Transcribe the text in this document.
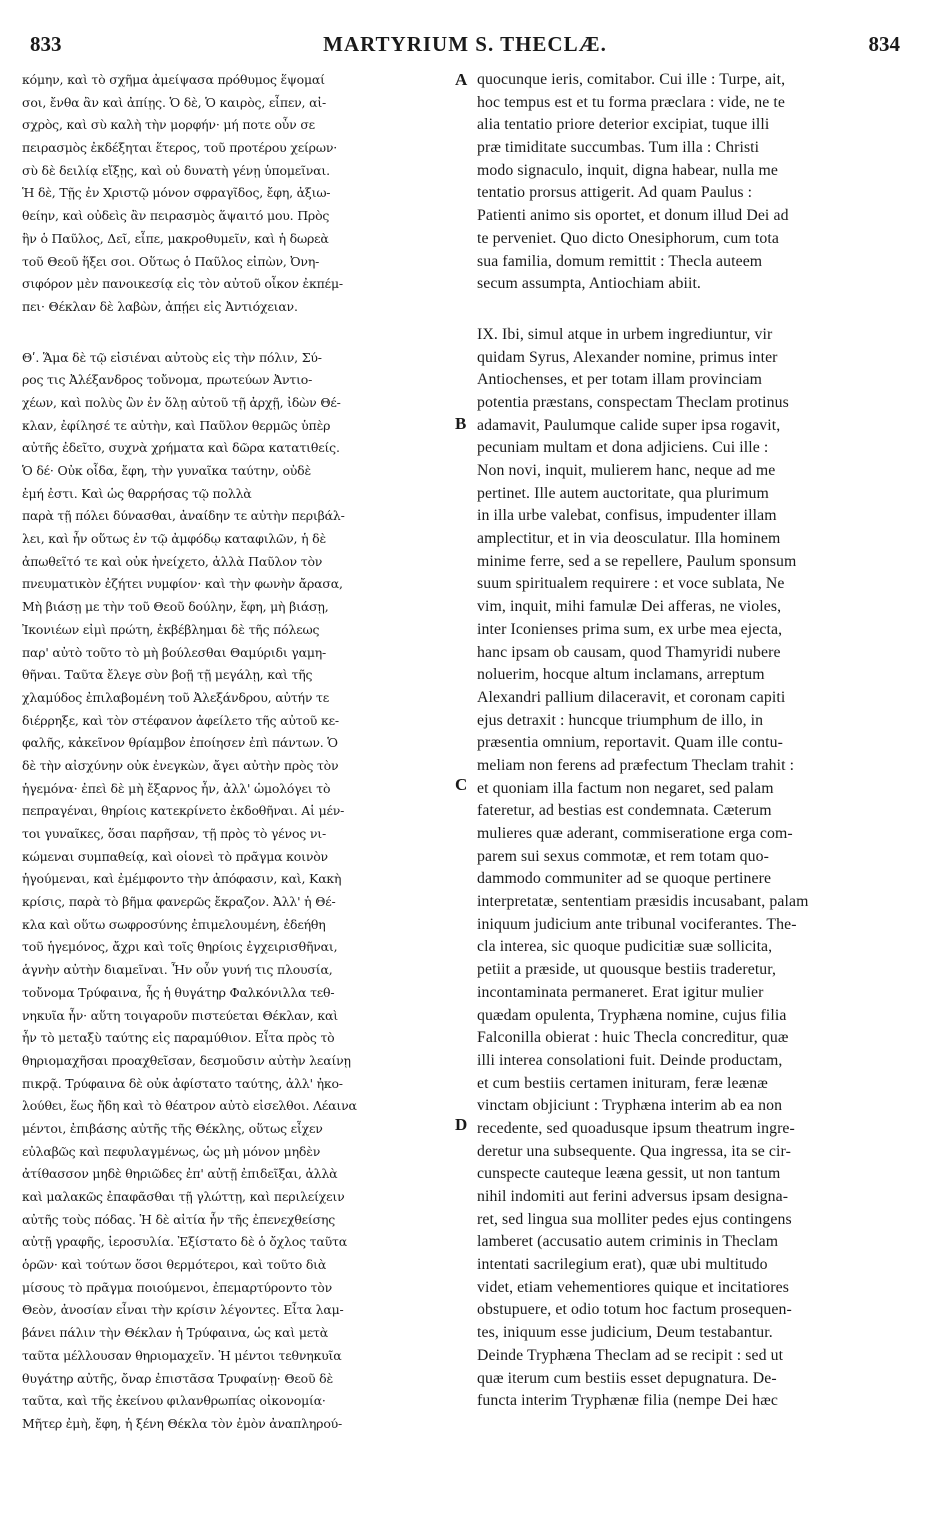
833	MARTYRIUM S. THECLÆ.	834
κόμην, καὶ τὸ σχῆμα ἀμείψασα πρόθυμος ἕψομαί
σοι, ἔνθα ἂν καὶ ἀπίῃς. Ὁ δὲ, Ὁ καιρὸς, εἶπεν, αἰ-
σχρὸς, καὶ σὺ καλὴ τὴν μορφήν· μή ποτε οὖν σε
πειρασμὸς ἐκδέξηται ἕτερος, τοῦ προτέρου χείρων·
σὺ δὲ δειλίᾳ εἴξῃς, καὶ οὐ δυνατὴ γένῃ ὑπομεῖναι.
Ἡ δὲ, Τῇς ἐν Χριστῷ μόνον σφραγῖδος, ἔφη, ἀξιω-
θείην, καὶ οὐδεὶς ἂν πειρασμὸς ἅψαιτό μου. Πρὸς
ἣν ὁ Παῦλος, Δεῖ, εἶπε, μακροθυμεῖν, καὶ ἡ δωρεὰ
τοῦ Θεοῦ ἥξει σοι. Οὕτως ὁ Παῦλος εἰπὼν, Ὀνη-
σιφόρον μὲν πανοικεσίᾳ εἰς τὸν αὐτοῦ οἶκον ἐκπέμ-
πει· Θέκλαν δὲ λαβὼν, ἀπῄει εἰς Ἀντιόχειαν.
Θʹ. Ἅμα δὲ τῷ εἰσιέναι αὐτοὺς εἰς τὴν πόλιν, Σύ-
ρος τις Ἀλέξανδρος τοὔνομα, πρωτεύων Ἀντιο-
χέων, καὶ πολὺς ὢν ἐν ὅλῃ αὐτοῦ τῇ ἀρχῇ, ἰδὼν Θέ-
κλαν, ἐφίλησέ τε αὐτὴν, καὶ Παῦλον θερμῶς ὑπὲρ
αὐτῆς ἐδεῖτο, συχνὰ χρήματα καὶ δῶρα κατατιθείς.
Ὁ δέ· Οὐκ οἶδα, ἔφη, τὴν γυναῖκα ταύτην, οὐδὲ
ἐμή ἐστι. Καὶ ὡς θαρρήσας τῷ πολλὰ
παρὰ τῇ πόλει δύνασθαι, ἀναίδην τε αὐτὴν περιβάλ-
λει, καὶ ἦν οὕτως ἐν τῷ ἀμφόδῳ καταφιλῶν, ἡ δὲ
ἀπωθεῖτό τε καὶ οὐκ ἠνείχετο, ἀλλὰ Παῦλον τὸν
πνευματικὸν ἐζήτει νυμφίον· καὶ τὴν φωνὴν ἄρασα,
Μὴ βιάσῃ με τὴν τοῦ Θεοῦ δούλην, ἔφη, μὴ βιάσῃ,
Ἰκονιέων εἰμὶ πρώτη, ἐκβέβλημαι δὲ τῆς πόλεως
παρ' αὐτὸ τοῦτο τὸ μὴ βούλεσθαι Θαμύριδι γαμη-
θῆναι. Ταῦτα ἔλεγε σὺν βοῇ τῇ μεγάλῃ, καὶ τῆς
χλαμύδος ἐπιλαβομένη τοῦ Ἀλεξάνδρου, αὐτήν τε
διέρρηξε, καὶ τὸν στέφανον ἀφείλετο τῆς αὐτοῦ κε-
φαλῆς, κἀκεῖνον θρίαμβον ἐποίησεν ἐπὶ πάντων. Ὁ
δὲ τὴν αἰσχύνην οὐκ ἐνεγκὼν, ἄγει αὐτὴν πρὸς τὸν
ἡγεμόνα· ἐπεὶ δὲ μὴ ἔξαρνος ἦν, ἀλλ' ὡμολόγει τὸ
πεπραγέναι, θηρίοις κατεκρίνετο ἐκδοθῆναι. Αἱ μέν-
τοι γυναῖκες, ὅσαι παρῆσαν, τῇ πρὸς τὸ γένος νι-
κώμεναι συμπαθείᾳ, καὶ οἱονεὶ τὸ πρᾶγμα κοινὸν
ἡγούμεναι, καὶ ἐμέμφοντο τὴν ἀπόφασιν, καὶ, Κακὴ
κρίσις, παρὰ τὸ βῆμα φανερῶς ἔκραζον. Ἀλλ' ἡ Θέ-
κλα καὶ οὕτω σωφροσύνης ἐπιμελουμένη, ἐδεήθη
τοῦ ἡγεμόνος, ἄχρι καὶ τοῖς θηρίοις ἐγχειρισθῆναι,
ἁγνὴν αὐτὴν διαμεῖναι. Ἦν οὖν γυνή τις πλουσία,
τοὔνομα Τρύφαινα, ἧς ἡ θυγάτηρ Φαλκόνιλλα τεθ-
νηκυῖα ἦν· αὕτη τοιγαροῦν πιστεύεται Θέκλαν, καὶ
ἦν τὸ μεταξὺ ταύτης εἰς παραμύθιον. Εἶτα πρὸς τὸ
θηριομαχῆσαι προαχθεῖσαν, δεσμοῦσιν αὐτὴν λεαίνῃ
πικρᾷ. Τρύφαινα δὲ οὐκ ἀφίστατο ταύτης, ἀλλ' ἠκο-
λούθει, ἕως ἤδη καὶ τὸ θέατρον αὐτὸ εἰσελθοι. Λέαινα
μέντοι, ἐπιβάσης αὐτῆς τῆς Θέκλης, οὕτως εἶχεν
εὐλαβῶς καὶ πεφυλαγμένως, ὡς μὴ μόνον μηδὲν
ἀτίθασσον μηδὲ θηριῶδες ἐπ' αὐτῇ ἐπιδεῖξαι, ἀλλὰ
καὶ μαλακῶς ἐπαφᾶσθαι τῇ γλώττῃ, καὶ περιλείχειν
αὐτῆς τοὺς πόδας. Ἡ δὲ αἰτία ἦν τῆς ἐπενεχθείσης
αὐτῇ γραφῆς, ἱεροσυλία. Ἐξίστατο δὲ ὁ ὄχλος ταῦτα
ὁρῶν· καὶ τούτων ὅσοι θερμότεροι, καὶ τοῦτο διὰ
μίσους τὸ πρᾶγμα ποιούμενοι, ἐπεμαρτύροντο τὸν
Θεὸν, ἀνοσίαν εἶναι τὴν κρίσιν λέγοντες. Εἶτα λαμ-
βάνει πάλιν τὴν Θέκλαν ἡ Τρύφαινα, ὡς καὶ μετὰ
ταῦτα μέλλουσαν θηριομαχεῖν. Ἡ μέντοι τεθνηκυῖα
θυγάτηρ αὐτῆς, ὄναρ ἐπιστᾶσα Τρυφαίνῃ· Θεοῦ δὲ
ταῦτα, καὶ τῆς ἐκείνου φιλανθρωπίας οἰκονομία·
Μῆτερ ἐμὴ, ἔφη, ἡ ξένη Θέκλα τὸν ἐμὸν ἀναπληρού-
quocunque ieris, comitabor. Cui ille : Turpe, ait,
hoc tempus est et tu forma præclara : vide, ne te
alia tentatio priore deterior excipiat, tuque illi
præ timiditate succumbas. Tum illa : Christi
modo signaculo, inquit, digna habear, nulla me
tentatio prorsus attigerit. Ad quam Paulus :
Patienti animo sis oportet, et donum illud Dei ad
te perveniet. Quo dicto Onesiphorum, cum tota
sua familia, domum remittit : Thecla auteem
secum assumpta, Antiochiam abiit.
IX. Ibi, simul atque in urbem ingrediuntur, vir
quidam Syrus, Alexander nomine, primus inter
Antiochenses, et per totam illam provinciam
potentia præstans, conspectam Theclam protinus
adamavit, Paulumque calide super ipsa rogavit,
pecuniam multam et dona adjiciens. Cui ille :
Non novi, inquit, mulierem hanc, neque ad me
pertinet. Ille autem auctoritate, qua plurimum
in illa urbe valebat, confisus, impudenter illam
amplectitur, et in via deosculatur. Illa hominem
minime ferre, sed a se repellere, Paulum sponsum
suum spiritualem requirere : et voce sublata, Ne
vim, inquit, mihi famulæ Dei afferas, ne violes,
inter Iconienses prima sum, ex urbe mea ejecta,
hanc ipsam ob causam, quod Thamyridi nubere
noluerim, hocque altum inclamans, arreptum
Alexandri pallium dilaceravit, et coronam capiti
ejus detraxit : huncque triumphum de illo, in
præsentia omnium, reportavit. Quam ille contu-
meliam non ferens ad præfectum Theclam trahit :
et quoniam illa factum non negaret, sed palam
fateretur, ad bestias est condemnata. Cæterum
mulieres quæ aderant, commiseratione erga com-
parem sui sexus commotæ, et rem totam quo-
dammodo communiter ad se quoque pertinere
interpretatæ, sententiam præsidis incusabant, palam
iniquum judicium ante tribunal vociferantes. The-
cla interea, sic quoque pudicitiæ suæ sollicita,
petiit a præside, ut quousque bestiis traderetur,
incontaminata permaneret. Erat igitur mulier
quædam opulenta, Tryphæna nomine, cujus filia
Falconilla obierat : huic Thecla concreditur, quæ
illi interea consolationi fuit. Deinde productam,
et cum bestiis certamen inituram, feræ leænæ
vinctam objiciunt : Tryphæna interim ab ea non
recedente, sed quoadusque ipsum theatrum ingre-
deretur una subsequente. Qua ingressa, ita se cir-
cunspecte cauteque leæna gessit, ut non tantum
nihil indomiti aut ferini adversus ipsam designa-
ret, sed lingua sua molliter pedes ejus contingens
lamberet (accusatio autem criminis in Theclam
intentati sacrilegium erat), quæ ubi multitudo
videt, etiam vehementiores quique et incitatiores
obstupuere, et odio totum hoc factum prosequen-
tes, iniquum esse judicium, Deum testabantur.
Deinde Tryphæna Theclam ad se recipit : sed ut
quæ iterum cum bestiis esset depugnatura. De-
functa interim Tryphænæ filia (nempe Dei hæc
A
B
C
D
